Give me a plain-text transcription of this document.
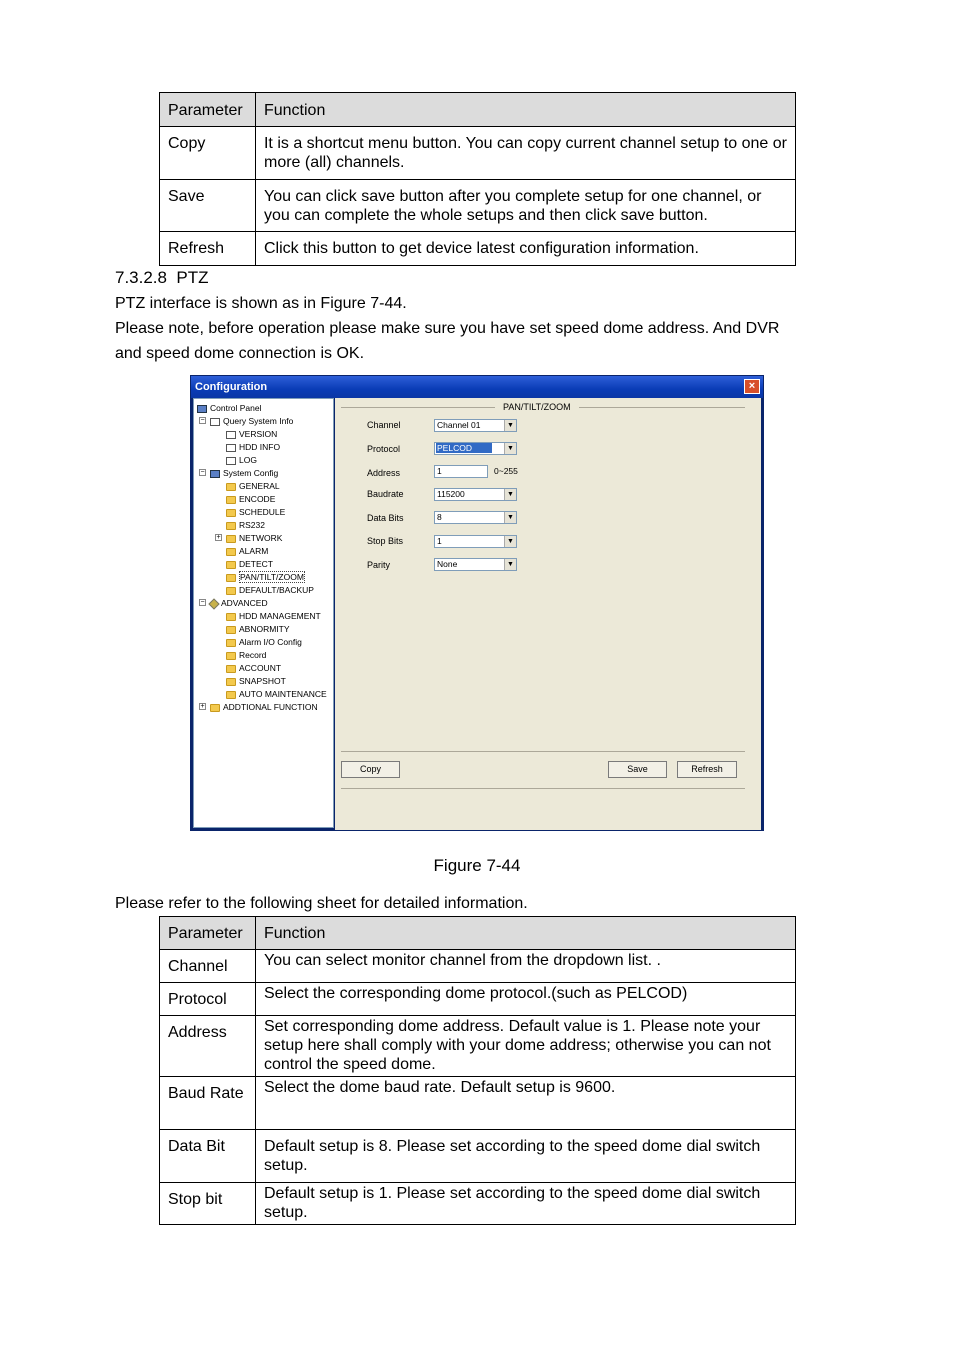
Parameter	Function
Copy	It is a shortcut menu button. You can copy current channel setup to one or more (all) channels.
Save	You can click save button after you complete setup for one channel, or you can complete the whole setups and then click save button.
Refresh	Click this button to get device latest configuration information.
7.3.2.8  PTZ
PTZ interface is shown as in Figure 7-44.
Please note, before operation please make sure you have set speed dome address. And DVR
and speed dome connection is OK.
Configuration	×
Control Panel
−	Query System Info
VERSION
HDD INFO
LOG
−	System Config
GENERAL
ENCODE
SCHEDULE
RS232
+	NETWORK
ALARM
DETECT
PAN/TILT/ZOOM
DEFAULT/BACKUP
−	ADVANCED
HDD MANAGEMENT
ABNORMITY
Alarm I/O Config
Record
ACCOUNT
SNAPSHOT
AUTO MAINTENANCE
+	ADDTIONAL FUNCTION
PAN/TILT/ZOOM
Channel	Channel 01	▼
Protocol	PELCOD	▼
Address	1	0~255
Baudrate	115200	▼
Data Bits	8	▼
Stop Bits	1	▼
Parity	None	▼
Copy	Save	Refresh
Figure 7-44
Please refer to the following sheet for detailed information.
Parameter	Function
Channel	You can select monitor channel from the dropdown list. .
Protocol	Select the corresponding dome protocol.(such as PELCOD)
Address	Set corresponding dome address. Default value is 1. Please note your setup here shall comply with your dome address; otherwise you can not control the speed dome.
Baud Rate	Select the dome baud rate. Default setup is 9600.
Data Bit	Default setup is 8. Please set according to the speed dome dial switch setup.
Stop bit	Default setup is 1. Please set according to the speed dome dial switch setup.
